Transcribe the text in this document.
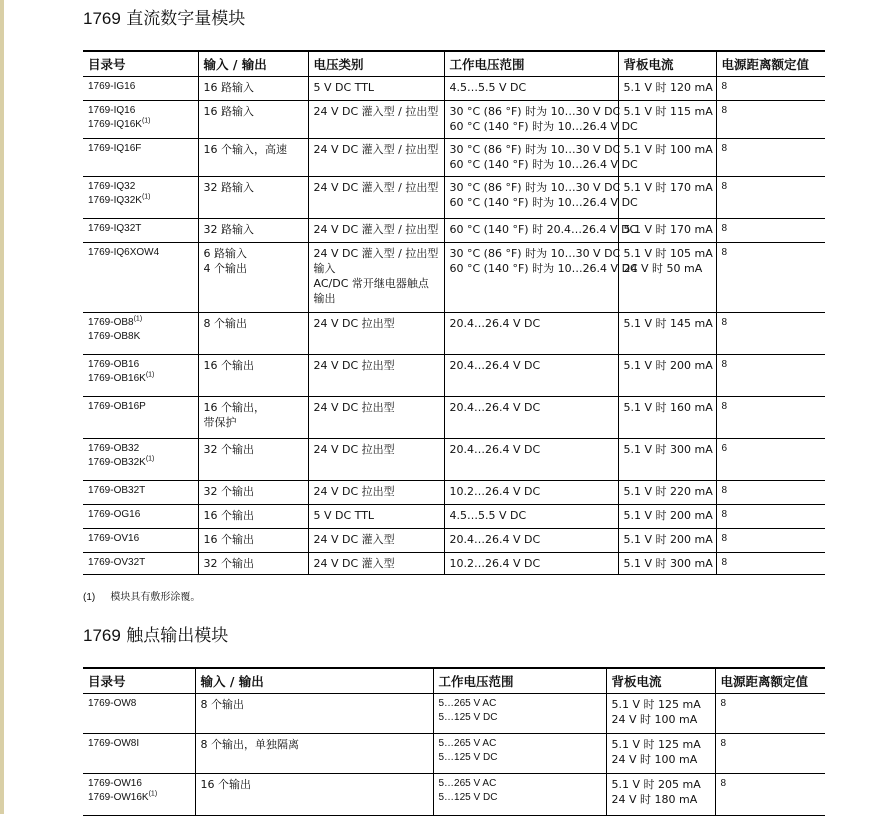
1769 直流数字量模块
目录号	输入 / 输出	电压类别	工作电压范围	背板电流	电源距离额定值

1769-IG16	16 路输入	5 V DC TTL	4.5…5.5 V DC	5.1 V 时 120 mA	8

1769-IQ16
$1769-IQ16K^{(1)}$	16 路输入	24 V DC 灌入型 / 拉出型	30 °C (86 °F) 时为 10…30 V DC
60 °C (140 °F) 时为 10…26.4 V DC	5.1 V 时 115 mA	8

1769-IQ16F	16 个输入，高速	24 V DC 灌入型 / 拉出型	30 °C (86 °F) 时为 10…30 V DC
60 °C (140 °F) 时为 10…26.4 V DC	5.1 V 时 100 mA	8

1769-IQ32
$1769-IQ32K^{(1)}$	32 路输入	24 V DC 灌入型 / 拉出型	30 °C (86 °F) 时为 10…30 V DC
60 °C (140 °F) 时为 10…26.4 V DC	5.1 V 时 170 mA	8

1769-IQ32T	32 路输入	24 V DC 灌入型 / 拉出型	60 °C (140 °F) 时 20.4…26.4 V DC	5.1 V 时 170 mA	8

1769-IQ6XOW4	6 路输入
4 个输出	24 V DC 灌入型 / 拉出型
输入
AC/DC 常开继电器触点
输出	30 °C (86 °F) 时为 10…30 V DC
60 °C (140 °F) 时为 10…26.4 V DC	5.1 V 时 105 mA
24 V 时 50 mA	8

1769-OB8$^{(1)}$
1769-OB8K	8 个输出	24 V DC 拉出型	20.4…26.4 V DC	5.1 V 时 145 mA	8

1769-OB16
$1769-OB16K^{(1)}$	16 个输出	24 V DC 拉出型	20.4…26.4 V DC	5.1 V 时 200 mA	8

1769-OB16P	16 个输出，
带保护	24 V DC 拉出型	20.4…26.4 V DC	5.1 V 时 160 mA	8

1769-OB32
$1769-OB32K^{(1)}$	32 个输出	24 V DC 拉出型	20.4…26.4 V DC	5.1 V 时 300 mA	6

1769-OB32T	32 个输出	24 V DC 拉出型	10.2…26.4 V DC	5.1 V 时 220 mA	8

1769-OG16	16 个输出	5 V DC TTL	4.5…5.5 V DC	5.1 V 时 200 mA	8

1769-OV16	16 个输出	24 V DC 灌入型	20.4…26.4 V DC	5.1 V 时 200 mA	8

1769-OV32T	32 个输出	24 V DC 灌入型	10.2…26.4 V DC	5.1 V 时 300 mA	8
(1) 模块具有敷形涂覆。
1769 触点输出模块
目录号	输入 / 输出	工作电压范围	背板电流	电源距离额定值

1769-OW8	8 个输出	5…265 V AC
5…125 V DC	5.1 V 时 125 mA
24 V 时 100 mA	8

1769-OW8I	8 个输出，单独隔离	5…265 V AC
5…125 V DC	5.1 V 时 125 mA
24 V 时 100 mA	8

1769-OW16
$1769-OW16K^{(1)}$	16 个输出	5…265 V AC
5…125 V DC	5.1 V 时 205 mA
24 V 时 180 mA	8
